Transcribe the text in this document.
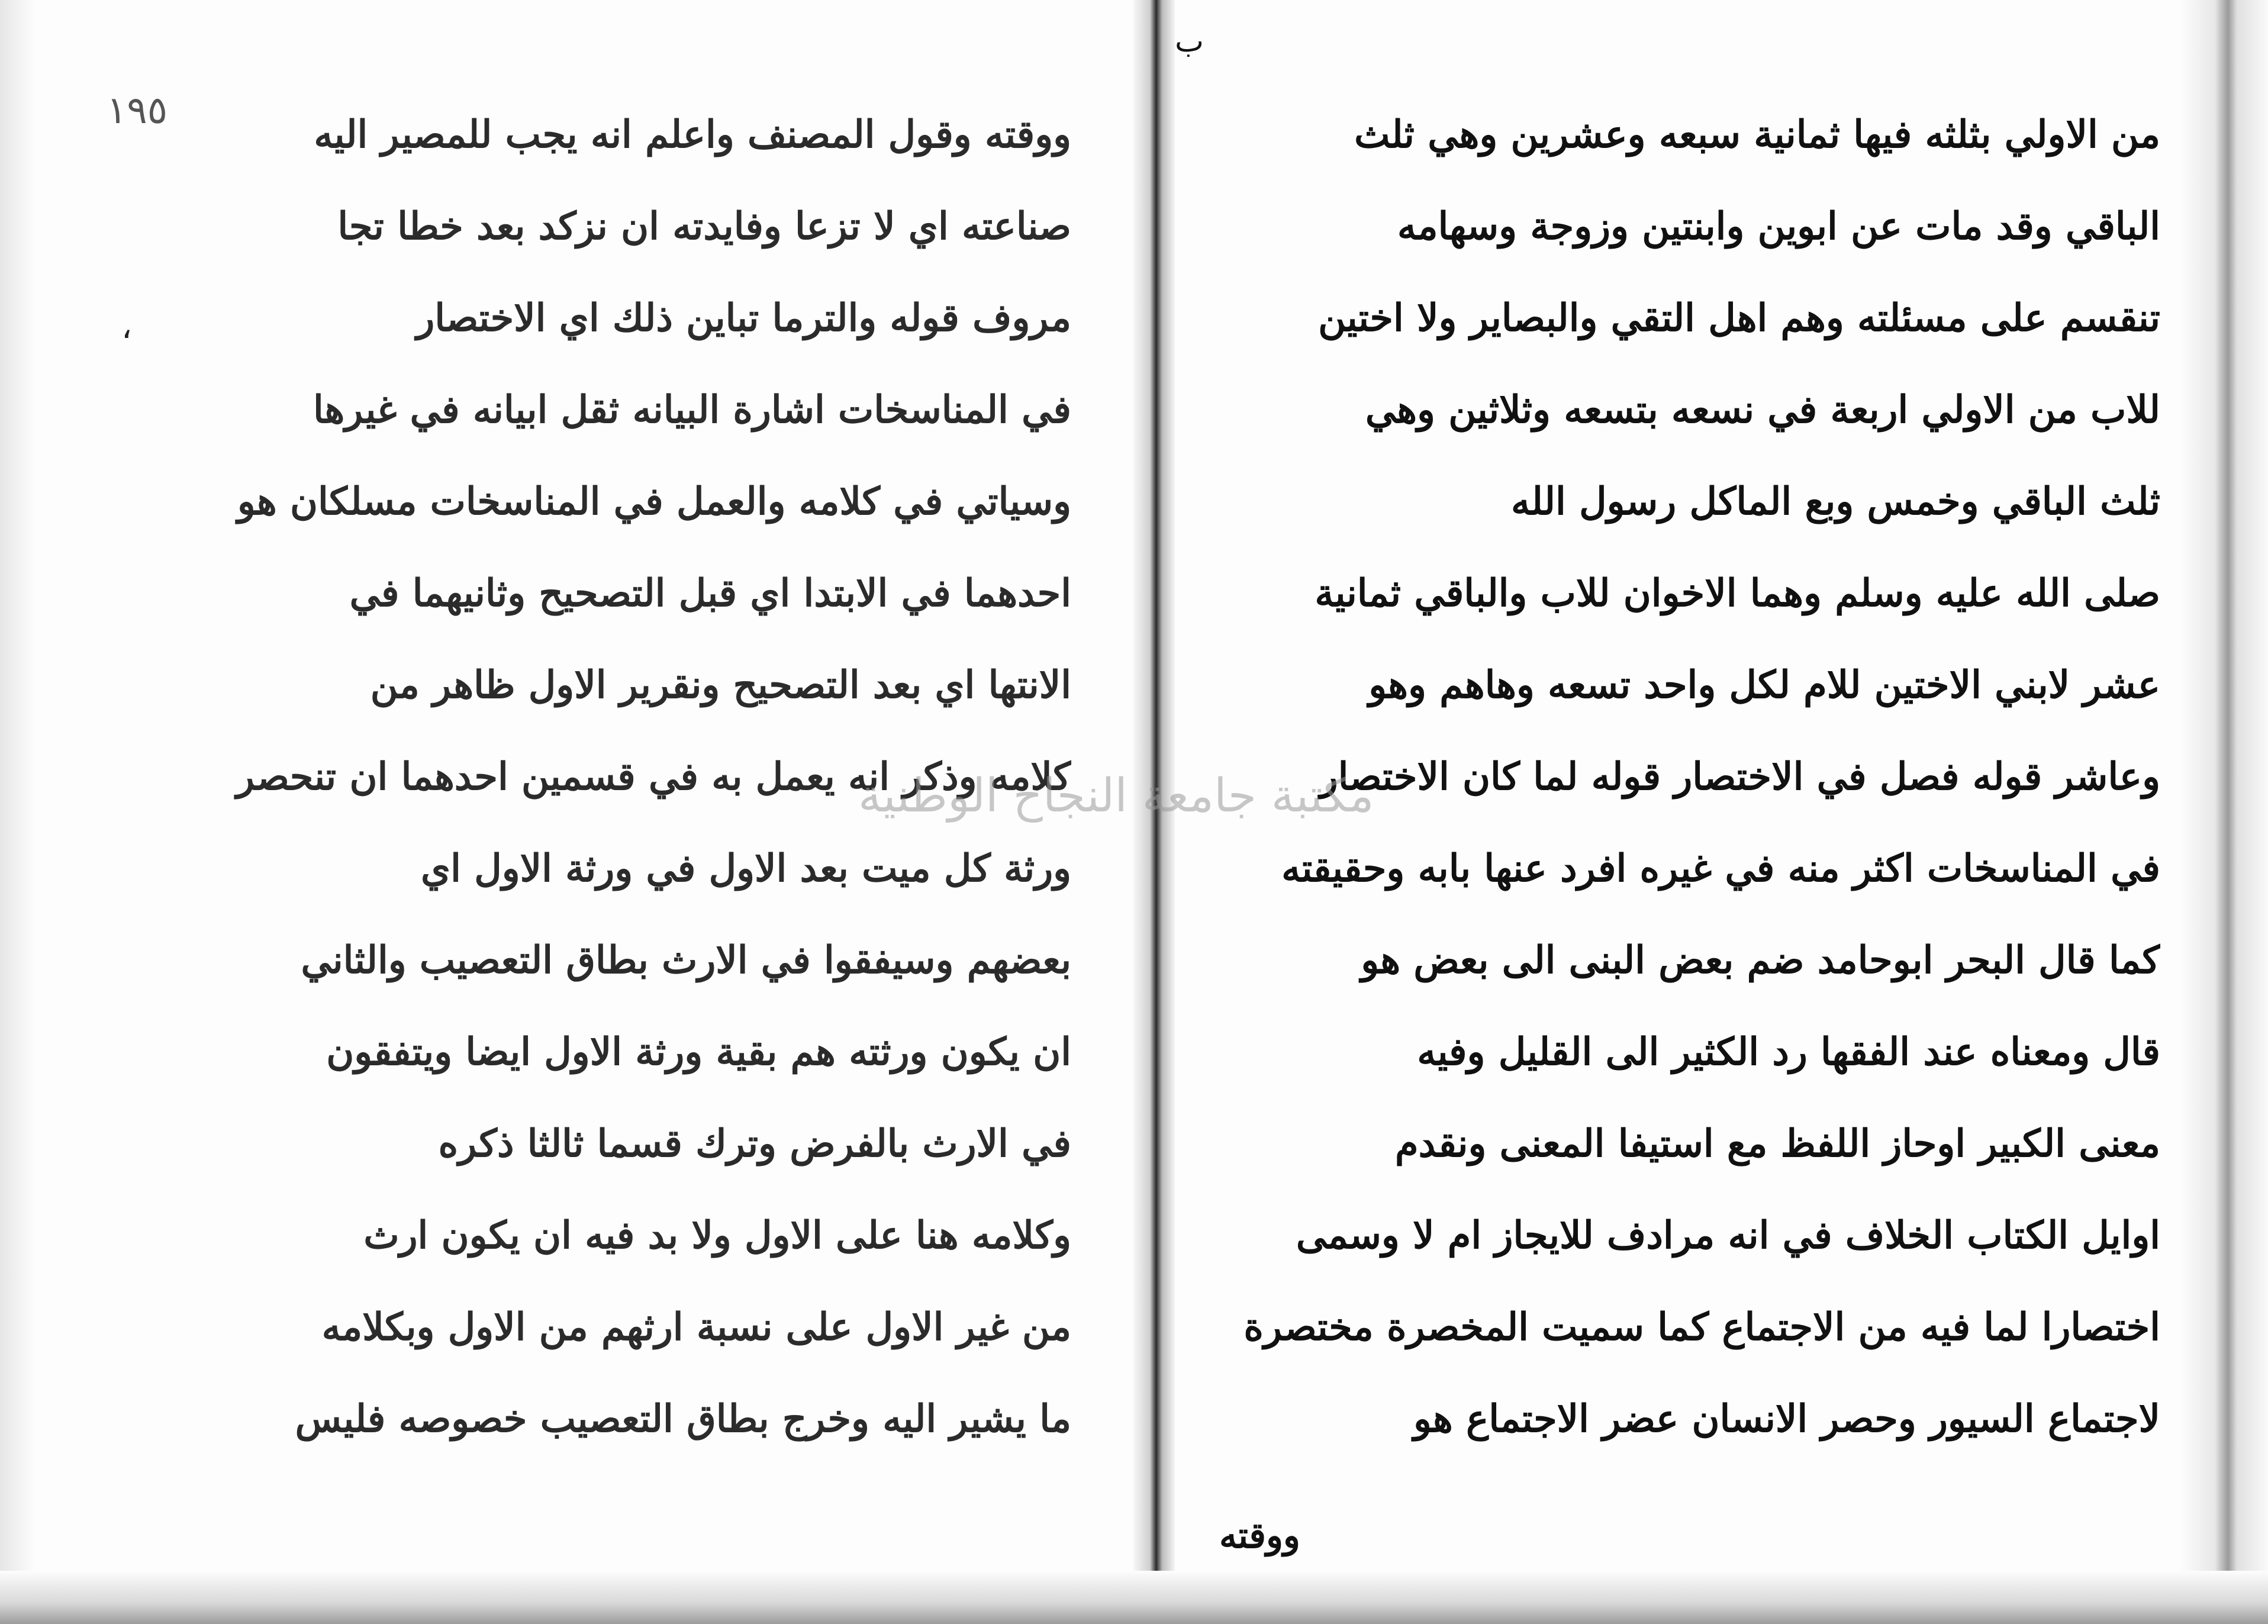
١٩٥
ب
،
ووقته وقول المصنف واعلم انه يجب للمصير اليه
صناعته اي لا تزعا وفايدته ان نزكد بعد خطا تجا
مروف قوله والترما تباين ذلك اي الاختصار
في المناسخات اشارة البيانه ثقل ابيانه في غيرها
وسياتي في كلامه والعمل في المناسخات مسلكان هو
احدهما في الابتدا اي قبل التصحيح وثانيهما في
الانتها اي بعد التصحيح ونقرير الاول ظاهر من
كلامه وذكر انه يعمل به في قسمين احدهما ان تنحصر
ورثة كل ميت بعد الاول في ورثة الاول اي
بعضهم وسيفقوا في الارث بطاق التعصيب والثاني
ان يكون ورثته هم بقية ورثة الاول ايضا ويتفقون
في الارث بالفرض وترك قسما ثالثا ذكره
وكلامه هنا على الاول ولا بد فيه ان يكون ارث
من غير الاول على نسبة ارثهم من الاول وبكلامه
ما يشير اليه وخرج بطاق التعصيب خصوصه فليس
من الاولي بثلثه فيها ثمانية سبعه وعشرين وهي ثلث
الباقي وقد مات عن ابوين وابنتين وزوجة وسهامه
تنقسم على مسئلته وهم اهل التقي والبصاير ولا اختين
للاب من الاولي اربعة في نسعه بتسعه وثلاثين وهي
ثلث الباقي وخمس وبع الماكل رسول الله
صلى الله عليه وسلم وهما الاخوان للاب والباقي ثمانية
عشر لابني الاختين للام لكل واحد تسعه وهاهم وهو
وعاشر قوله فصل في الاختصار قوله لما كان الاختصار
في المناسخات اكثر منه في غيره افرد عنها بابه وحقيقته
كما قال البحر ابوحامد ضم بعض البنى الى بعض هو
قال ومعناه عند الفقها رد الكثير الى القليل وفيه
معنى الكبير اوحاز اللفظ مع استيفا المعنى ونقدم
اوايل الكتاب الخلاف في انه مرادف للايجاز ام لا وسمى
اختصارا لما فيه من الاجتماع كما سميت المخصرة مختصرة
لاجتماع السيور وحصر الانسان عضر الاجتماع هو
ووقته
مكتبة جامعة النجاح الوطنية
